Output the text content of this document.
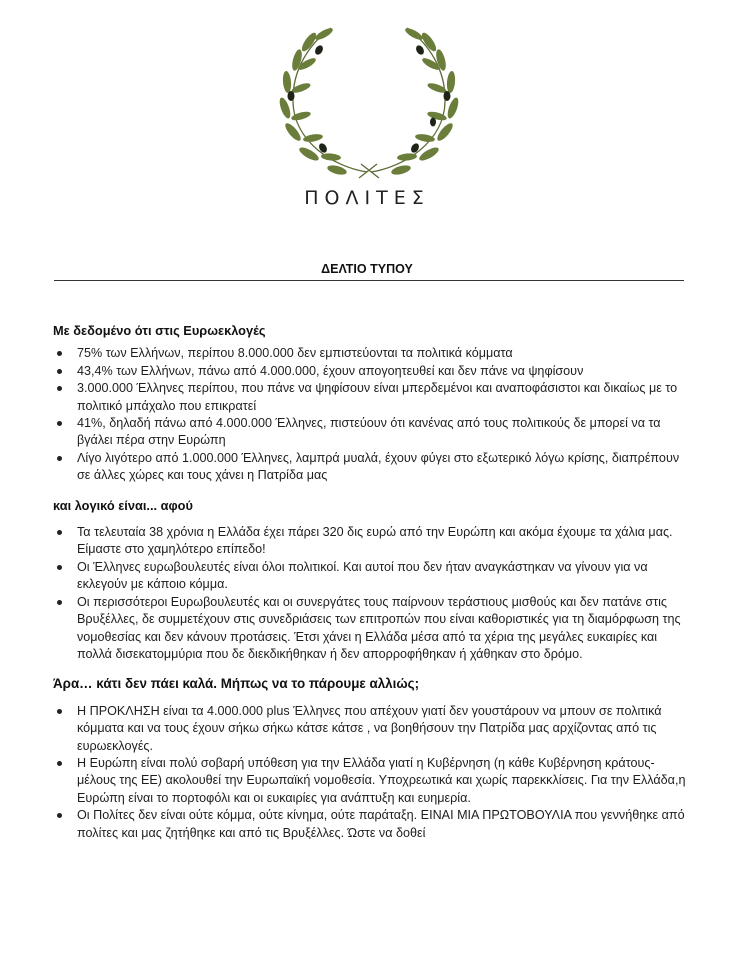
ΠΟΛΙΤΕΣ
ΔΕΛΤΙΟ ΤΥΠΟΥ
Με δεδομένο ότι στις Ευρωεκλογές
75% των Ελλήνων, περίπου 8.000.000 δεν εμπιστεύονται τα πολιτικά κόμματα
43,4% των Ελλήνων, πάνω από 4.000.000, έχουν απογοητευθεί και δεν πάνε να ψηφίσουν
3.000.000 Έλληνες περίπου, που πάνε να ψηφίσουν είναι μπερδεμένοι και αναποφάσιστοι και δικαίως με το πολιτικό μπάχαλο που επικρατεί
41%, δηλαδή πάνω από 4.000.000 Έλληνες, πιστεύουν ότι κανένας από τους πολιτικούς δε μπορεί να τα βγάλει πέρα στην Ευρώπη
Λίγο λιγότερο από 1.000.000 Έλληνες, λαμπρά μυαλά, έχουν φύγει στο εξωτερικό λόγω κρίσης, διαπρέπουν σε άλλες χώρες και τους χάνει η Πατρίδα μας
και λογικό είναι... αφού
Τα τελευταία 38 χρόνια η Ελλάδα έχει πάρει 320 δις ευρώ από την Ευρώπη και ακόμα έχουμε τα χάλια μας. Είμαστε στο χαμηλότερο επίπεδο!
Οι Έλληνες ευρωβουλευτές είναι όλοι πολιτικοί. Και αυτοί που δεν ήταν αναγκάστηκαν να γίνουν για να εκλεγούν με κάποιο κόμμα.
Οι περισσότεροι Ευρωβουλευτές και οι συνεργάτες τους παίρνουν τεράστιους μισθούς και δεν πατάνε στις Βρυξέλλες, δε συμμετέχουν στις συνεδριάσεις των επιτροπών που είναι καθοριστικές για τη διαμόρφωση της νομοθεσίας και δεν κάνουν προτάσεις. Έτσι χάνει η Ελλάδα μέσα από τα χέρια της μεγάλες ευκαιρίες και πολλά δισεκατομμύρια που δε διεκδικήθηκαν ή δεν απορροφήθηκαν ή χάθηκαν στο δρόμο.
Άρα… κάτι δεν πάει καλά. Μήπως να το πάρουμε αλλιώς;
Η ΠΡΟΚΛΗΣΗ είναι τα 4.000.000 plus Έλληνες που απέχουν γιατί δεν γουστάρουν να μπουν σε πολιτικά κόμματα και να τους έχουν σήκω σήκω κάτσε κάτσε , να βοηθήσουν την Πατρίδα μας αρχίζοντας από τις ευρωεκλογές.
Η Ευρώπη είναι πολύ σοβαρή υπόθεση για την Ελλάδα γιατί η Κυβέρνηση (η κάθε Κυβέρνηση κράτους-μέλους της ΕΕ) ακολουθεί την Ευρωπαϊκή νομοθεσία. Υποχρεωτικά και χωρίς παρεκκλίσεις. Για την Ελλάδα,η Ευρώπη είναι το πορτοφόλι και οι ευκαιρίες για ανάπτυξη και ευημερία.
Οι Πολίτες δεν είναι ούτε κόμμα, ούτε κίνημα, ούτε παράταξη. ΕΙΝΑΙ ΜΙΑ ΠΡΩΤΟΒΟΥΛΙΑ που γεννήθηκε από πολίτες και μας ζητήθηκε και από τις Βρυξέλλες. Ώστε να δοθεί
